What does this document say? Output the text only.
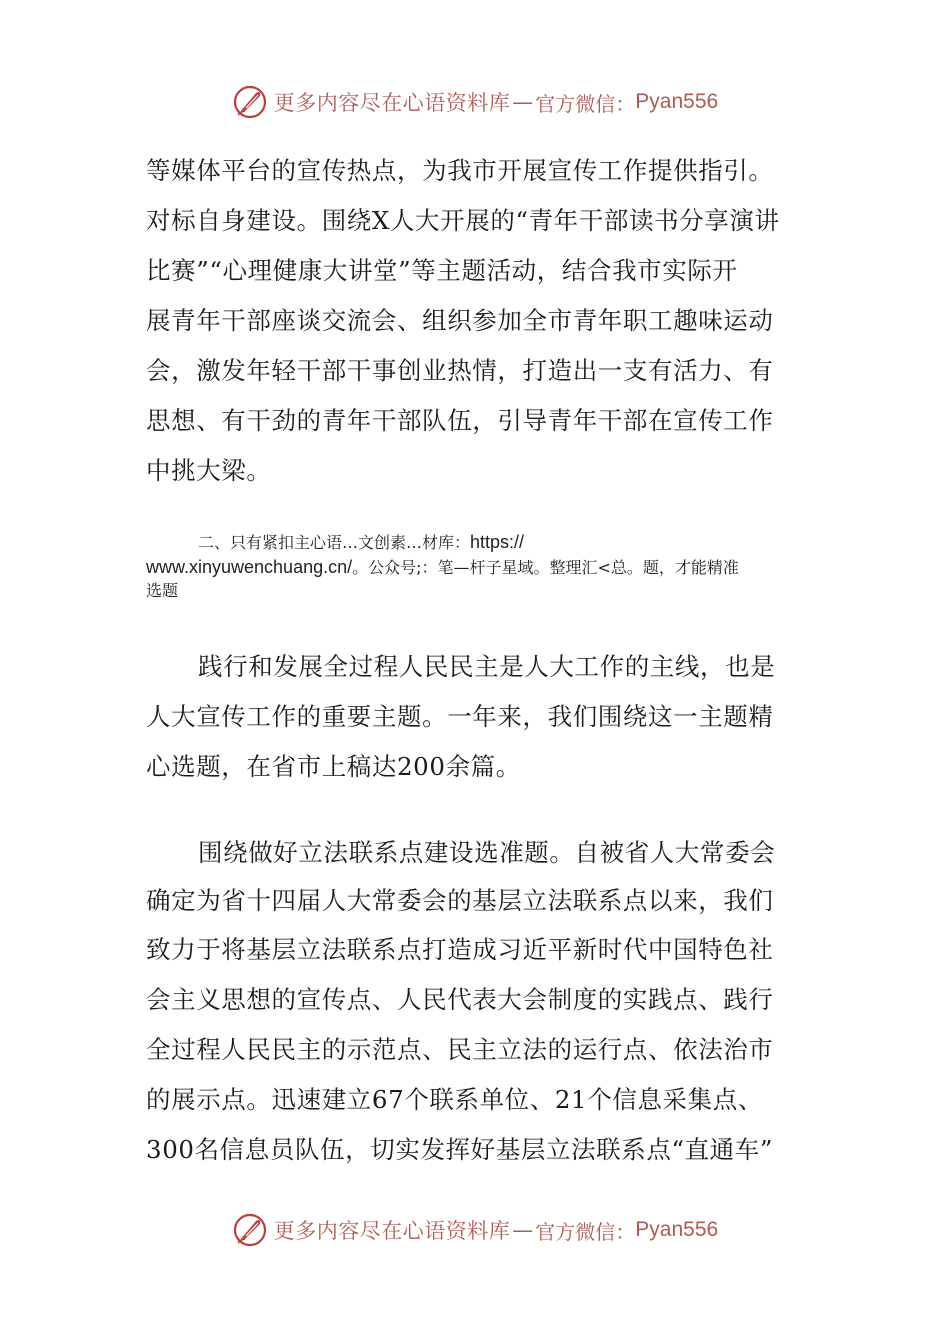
更多内容尽在心语资料库 — 官方微信： Pyan556
等媒体平台的宣传热点，为我市开展宣传工作提供指引。
对标自身建设。围绕X人大开展的“青年干部读书分享演讲
比赛”“心理健康大讲堂”等主题活动，结合我市实际开
展青年干部座谈交流会、组织参加全市青年职工趣味运动
会，激发年轻干部干事创业热情，打造出一支有活力、有
思想、有干劲的青年干部队伍，引导青年干部在宣传工作
中挑大梁。
二、只有紧扣主心语…文创素…材库：https://
www.xinyuwenchuang.cn/。公众号;：笔—杆子星域。整理汇<总。题，才能精准
选题
践行和发展全过程人民民主是人大工作的主线，也是
人大宣传工作的重要主题。一年来，我们围绕这一主题精
心选题，在省市上稿达200余篇。
围绕做好立法联系点建设选准题。自被省人大常委会
确定为省十四届人大常委会的基层立法联系点以来，我们
致力于将基层立法联系点打造成习近平新时代中国特色社
会主义思想的宣传点、人民代表大会制度的实践点、践行
全过程人民民主的示范点、民主立法的运行点、依法治市
的展示点。迅速建立67个联系单位、21个信息采集点、
300名信息员队伍，切实发挥好基层立法联系点“直通车”
更多内容尽在心语资料库 — 官方微信： Pyan556
